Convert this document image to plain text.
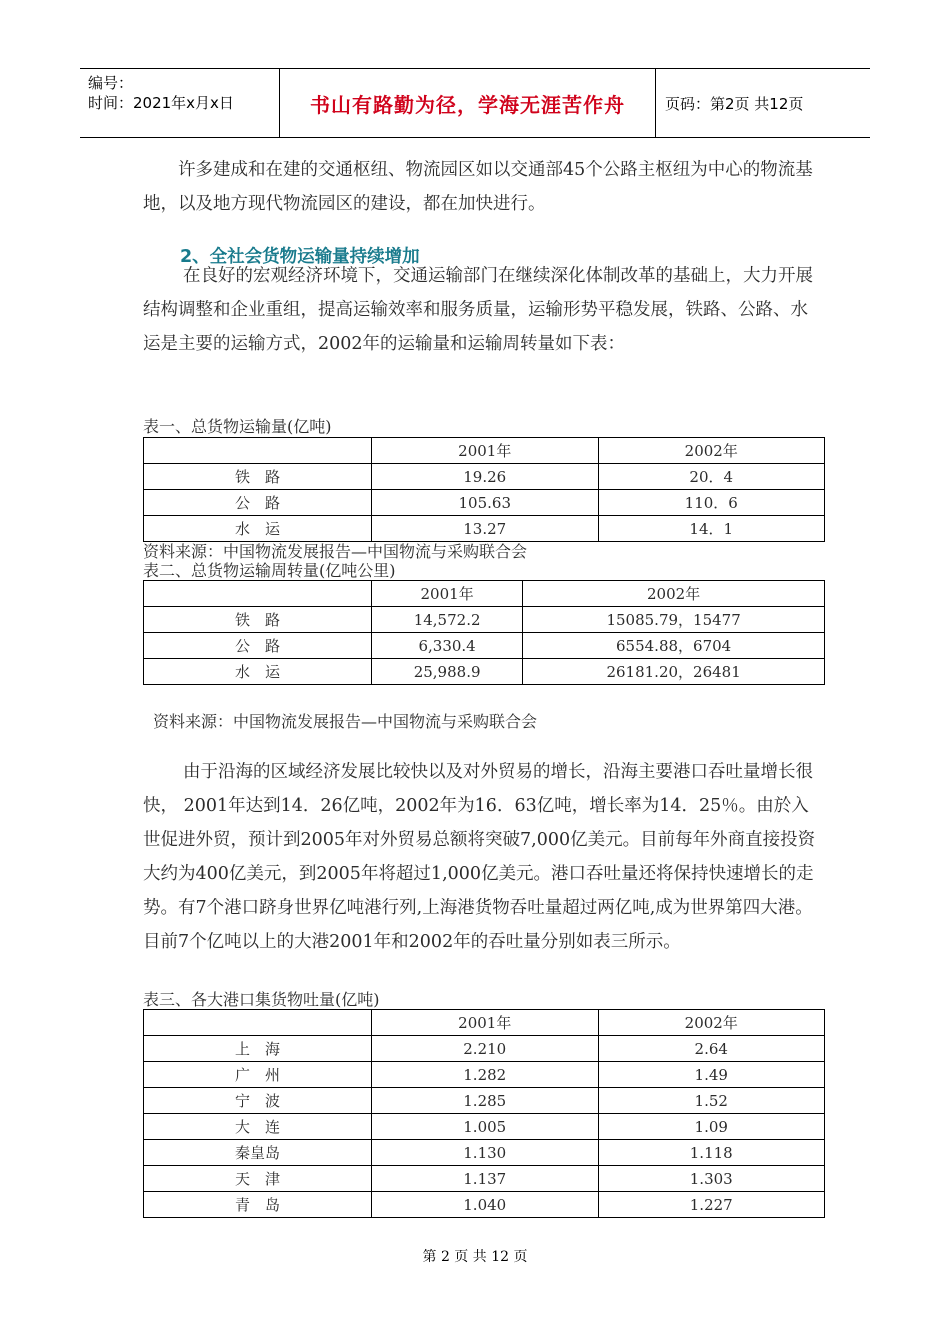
编号：
时间：2021年x月x日	书山有路勤为径，学海无涯苦作舟	页码：第2页 共12页
许多建成和在建的交通枢纽、物流园区如以交通部45个公路主枢纽为中心的物流基地，以及地方现代物流园区的建设，都在加快进行。
2、全社会货物运输量持续增加
在良好的宏观经济环境下，交通运输部门在继续深化体制改革的基础上，大力开展结构调整和企业重组，提高运输效率和服务质量，运输形势平稳发展，铁路、公路、水运是主要的运输方式，2002年的运输量和运输周转量如下表：
表一、总货物运输量(亿吨)
	2001年	2002年
铁　路	19.26	20．4
公　路	105.63	110．6
水　运	13.27	14．1
资料来源：中国物流发展报告—中国物流与采购联合会
表二、总货物运输周转量(亿吨公里)
	2001年	2002年
铁　路	14,572.2	15085.79，15477
公　路	6,330.4	6554.88，6704
水　运	25,988.9	26181.20，26481
资料来源：中国物流发展报告—中国物流与采购联合会
由于沿海的区域经济发展比较快以及对外贸易的增长，沿海主要港口吞吐量增长很快， 2001年达到14．26亿吨，2002年为16．63亿吨，增长率为14．25％。由於入世促进外贸，预计到2005年对外贸易总额将突破7,000亿美元。目前每年外商直接投资大约为400亿美元，到2005年将超过1,000亿美元。港口吞吐量还将保持快速增长的走势。有7个港口跻身世界亿吨港行列,上海港货物吞吐量超过两亿吨,成为世界第四大港。目前7个亿吨以上的大港2001年和2002年的吞吐量分别如表三所示。
表三、各大港口集货物吐量(亿吨)
	2001年	2002年
上　海	2.210	2.64
广　州	1.282	1.49
宁　波	1.285	1.52
大　连	1.005	1.09
秦皇岛	1.130	1.118
天　津	1.137	1.303
青　岛	1.040	1.227
第 2 页 共 12 页
